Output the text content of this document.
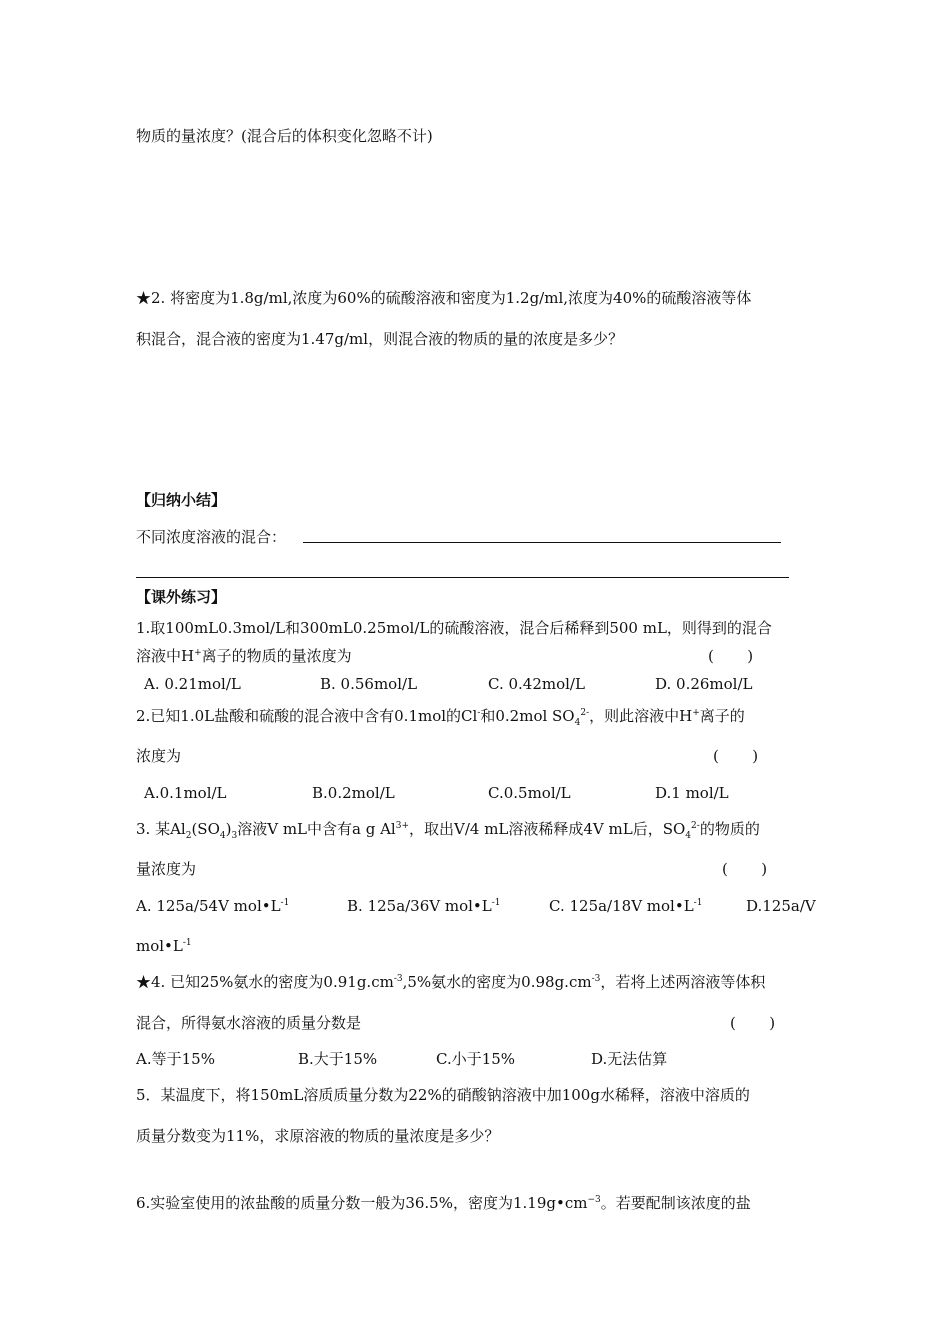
物质的量浓度？(混合后的体积变化忽略不计)
★2. 将密度为1.8g/ml,浓度为60%的硫酸溶液和密度为1.2g/ml,浓度为40%的硫酸溶液等体
积混合，混合液的密度为1.47g/ml，则混合液的物质的量的浓度是多少？
【归纳小结】
不同浓度溶液的混合：
【课外练习】
1.取100mL0.3mol/L和300mL0.25mol/L的硫酸溶液，混合后稀释到500 mL，则得到的混合
溶液中H+离子的物质的量浓度为	(       )
A. 0.21mol/L	B. 0.56mol/L	C. 0.42mol/L	D. 0.26mol/L
2.已知1.0L盐酸和硫酸的混合液中含有0.1mol的Cl-和0.2mol $SO_4^{2-}$，则此溶液中H+离子的
浓度为	(       )
A.0.1mol/L	B.0.2mol/L	C.0.5mol/L	D.1 mol/L
3. 某$Al_2(SO_4)_3$溶液V mL中含有a g $Al^{3+}$，取出V/4 mL溶液稀释成4V mL后，$SO_4^{2-}$的物质的
量浓度为	(       )
A. 125a/54V $mol•L^{-1}$	B. 125a/36V $mol•L^{-1}$	C. 125a/18V $mol•L^{-1}$	D.125a/V
$mol•L^{-1}$
★4. 已知25%氨水的密度为$0.91g.cm^{-3},5\%$氨水的密度为$0.98g.cm^{-3}$，若将上述两溶液等体积
混合，所得氨水溶液的质量分数是	(       )
A.等于15%	B.大于15%	C.小于15%	D.无法估算
5．某温度下，将150mL溶质质量分数为22%的硝酸钠溶液中加100g水稀释，溶液中溶质的
质量分数变为11%，求原溶液的物质的量浓度是多少？
6.实验室使用的浓盐酸的质量分数一般为36.5%，密度为$1.19g•cm^{-3}$。若要配制该浓度的盐
